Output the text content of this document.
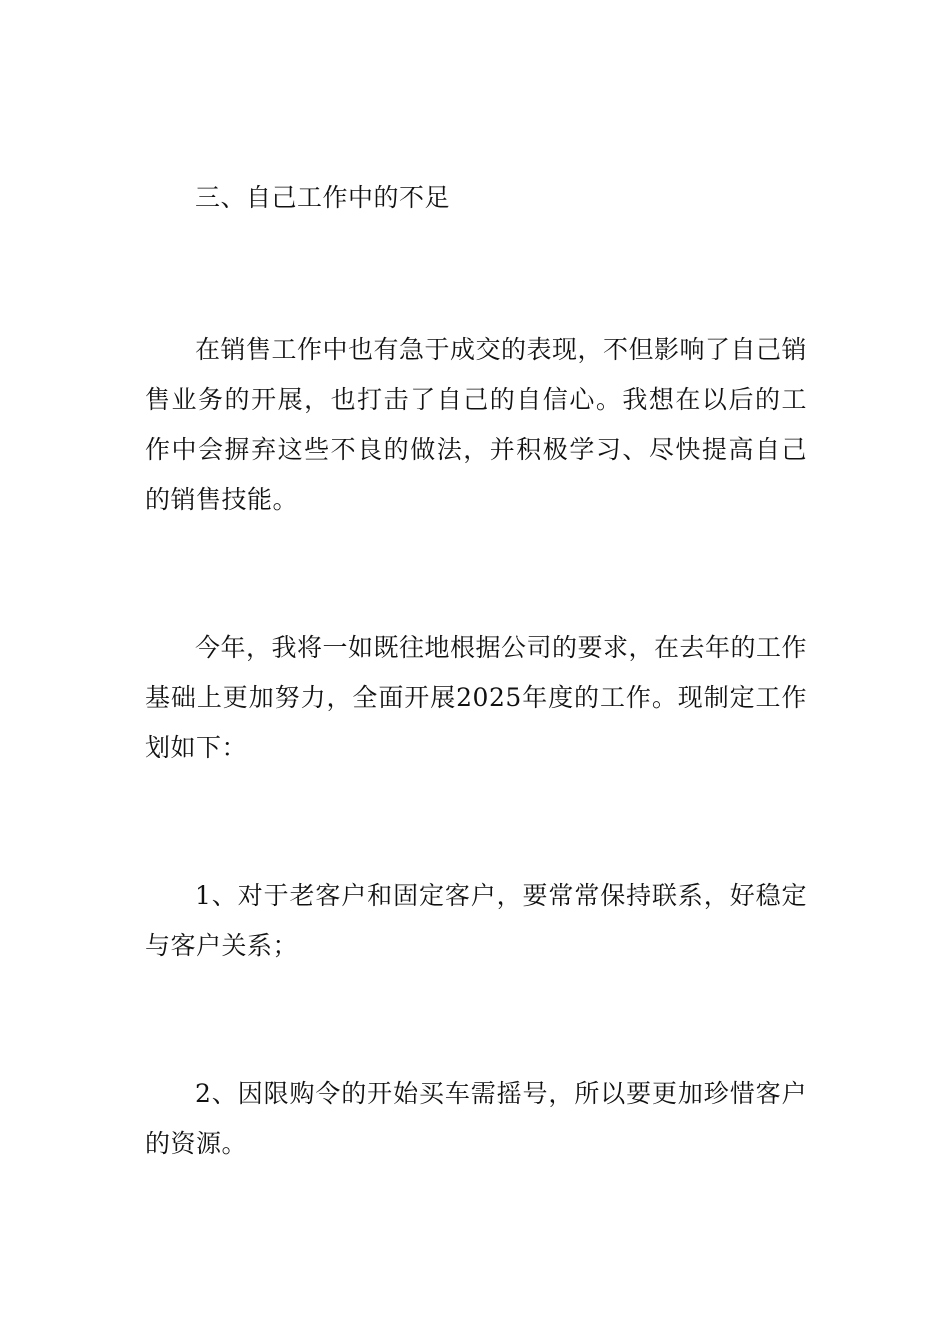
三、自己工作中的不足

在销售工作中也有急于成交的表现，不但影响了自己销售业务的开展，也打击了自己的自信心。我想在以后的工作中会摒弃这些不良的做法，并积极学习、尽快提高自己的销售技能。

今年，我将一如既往地根据公司的要求，在去年的工作基础上更加努力，全面开展2025年度的工作。现制定工作划如下：

1、对于老客户和固定客户，要常常保持联系，好稳定与客户关系；

2、因限购令的开始买车需摇号，所以要更加珍惜客户的资源。
